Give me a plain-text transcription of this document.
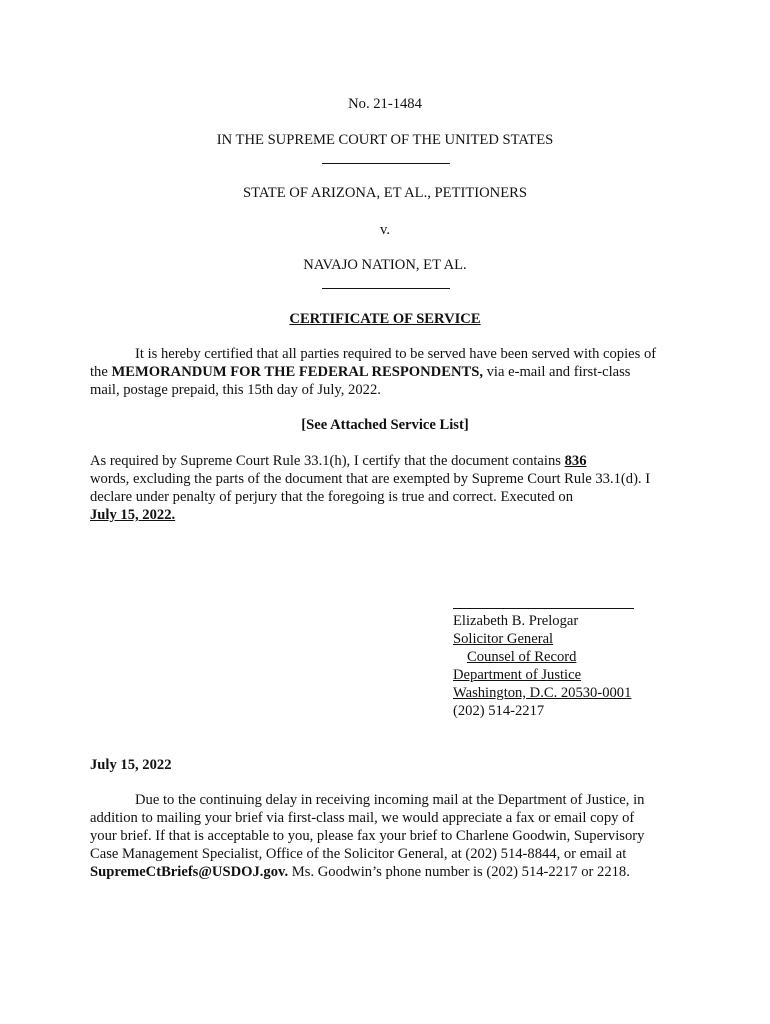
No. 21-1484
IN THE SUPREME COURT OF THE UNITED STATES
STATE OF ARIZONA, ET AL., PETITIONERS
v.
NAVAJO NATION, ET AL.
CERTIFICATE OF SERVICE
It is hereby certified that all parties required to be served have been served with copies of
the MEMORANDUM FOR THE FEDERAL RESPONDENTS, via e-mail and first-class
mail, postage prepaid, this 15th day of July, 2022.
[See Attached Service List]
As required by Supreme Court Rule 33.1(h), I certify that the document contains 836
words, excluding the parts of the document that are exempted by Supreme Court Rule 33.1(d). I
declare under penalty of perjury that the foregoing is true and correct. Executed on
July 15, 2022.
Elizabeth B. Prelogar
Solicitor General
Counsel of Record
Department of Justice
Washington, D.C. 20530-0001
(202) 514-2217
July 15, 2022
Due to the continuing delay in receiving incoming mail at the Department of Justice, in
addition to mailing your brief via first-class mail, we would appreciate a fax or email copy of
your brief. If that is acceptable to you, please fax your brief to Charlene Goodwin, Supervisory
Case Management Specialist, Office of the Solicitor General, at (202) 514-8844, or email at
SupremeCtBriefs@USDOJ.gov. Ms. Goodwin’s phone number is (202) 514-2217 or 2218.
